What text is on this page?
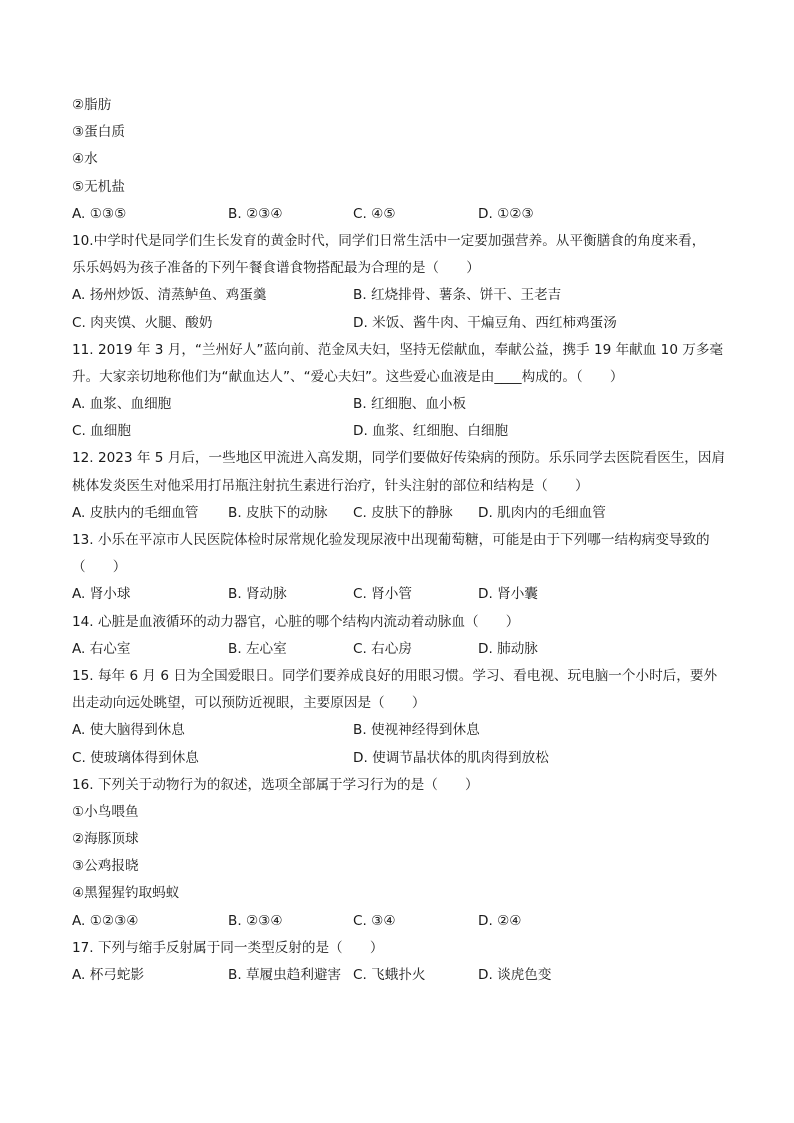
②脂肪
③蛋白质
④水
⑤无机盐
A. ①③⑤	B. ②③④	C. ④⑤	D. ①②③
10.中学时代是同学们生长发育的黄金时代，同学们日常生活中一定要加强营养。从平衡膳食的角度来看，
乐乐妈妈为孩子准备的下列午餐食谱食物搭配最为合理的是（　　）
A. 扬州炒饭、清蒸鲈鱼、鸡蛋羹	B. 红烧排骨、薯条、饼干、王老吉
C. 肉夹馍、火腿、酸奶	D. 米饭、酱牛肉、干煸豆角、西红柿鸡蛋汤
11. 2019 年 3 月，“兰州好人”蓝向前、范金凤夫妇，坚持无偿献血，奉献公益，携手 19 年献血 10 万多毫
升。大家亲切地称他们为“献血达人”、“爱心夫妇”。这些爱心血液是由____构成的。（　　）
A. 血浆、血细胞	B. 红细胞、血小板
C. 血细胞	D. 血浆、红细胞、白细胞
12. 2023 年 5 月后，一些地区甲流进入高发期，同学们要做好传染病的预防。乐乐同学去医院看医生，因肩
桃体发炎医生对他采用打吊瓶注射抗生素进行治疗，针头注射的部位和结构是（　　）
A. 皮肤内的毛细血管 B. 皮肤下的动脉 C. 皮肤下的静脉 D. 肌肉内的毛细血管
13. 小乐在平凉市人民医院体检时尿常规化验发现尿液中出现葡萄糖，可能是由于下列哪一结构病变导致的
（　　）
A. 肾小球	B. 肾动脉	C. 肾小管	D. 肾小囊
14. 心脏是血液循环的动力器官，心脏的哪个结构内流动着动脉血（　　）
A. 右心室	B. 左心室	C. 右心房	D. 肺动脉
15. 每年 6 月 6 日为全国爱眼日。同学们要养成良好的用眼习惯。学习、看电视、玩电脑一个小时后，要外
出走动向远处眺望，可以预防近视眼，主要原因是（　　）
A. 使大脑得到休息	B. 使视神经得到休息
C. 使玻璃体得到休息	D. 使调节晶状体的肌肉得到放松
16. 下列关于动物行为的叙述，选项全部属于学习行为的是（　　）
①小鸟喂鱼
②海豚顶球
③公鸡报晓
④黑猩猩钓取蚂蚁
A. ①②③④	B. ②③④	C. ③④	D. ②④
17. 下列与缩手反射属于同一类型反射的是（　　）
A. 杯弓蛇影	B. 草履虫趋利避害 C. 飞蛾扑火	D. 谈虎色变
